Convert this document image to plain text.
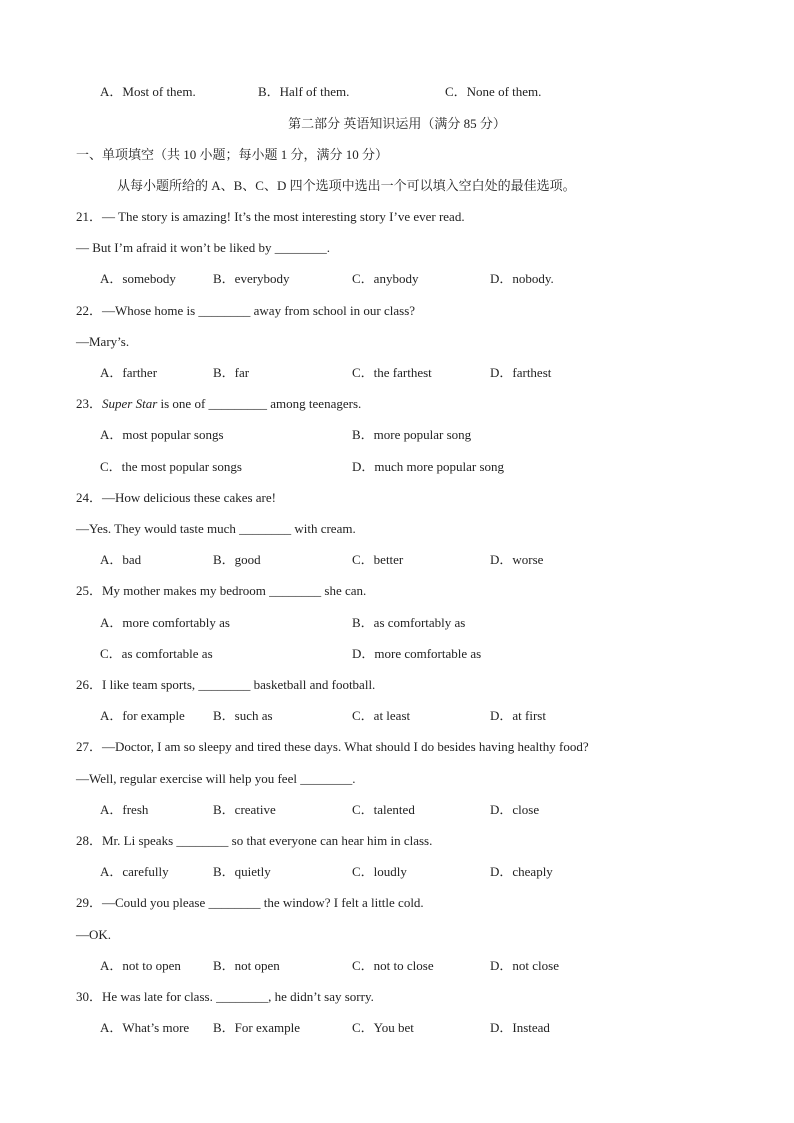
A．Most of them.	B．Half of them.	C．None of them.
第二部分 英语知识运用（满分 85 分）
一、单项填空（共 10 小题；每小题 1 分，满分 10 分）
从每小题所给的 A、B、C、D 四个选项中选出一个可以填入空白处的最佳选项。
21．— The story is amazing! It’s the most interesting story I’ve ever read.
— But I’m afraid it won’t be liked by ________.
A．somebody	B．everybody	C．anybody	D．nobody.
22．—Whose home is ________ away from school in our class?
—Mary’s.
A．farther	B．far	C．the farthest	D．farthest
23．Super Star is one of _________ among teenagers.
A．most popular songs	B．more popular song
C．the most popular songs	D．much more popular song
24．—How delicious these cakes are!
—Yes. They would taste much ________ with cream.
A．bad	B．good	C．better	D．worse
25．My mother makes my bedroom ________ she can.
A．more comfortably as	B．as comfortably as
C．as comfortable as	D．more comfortable as
26．I like team sports, ________ basketball and football.
A．for example B．such as	C．at least	D．at first
27．—Doctor, I am so sleepy and tired these days. What should I do besides having healthy food?
—Well, regular exercise will help you feel ________.
A．fresh	B．creative	C．talented	D．close
28．Mr. Li speaks ________ so that everyone can hear him in class.
A．carefully	B．quietly	C．loudly	D．cheaply
29．—Could you please ________ the window? I felt a little cold.
—OK.
A．not to open B．not open	C．not to close	D．not close
30．He was late for class. ________, he didn’t say sorry.
A．What’s more B．For example	C．You bet	D．Instead
